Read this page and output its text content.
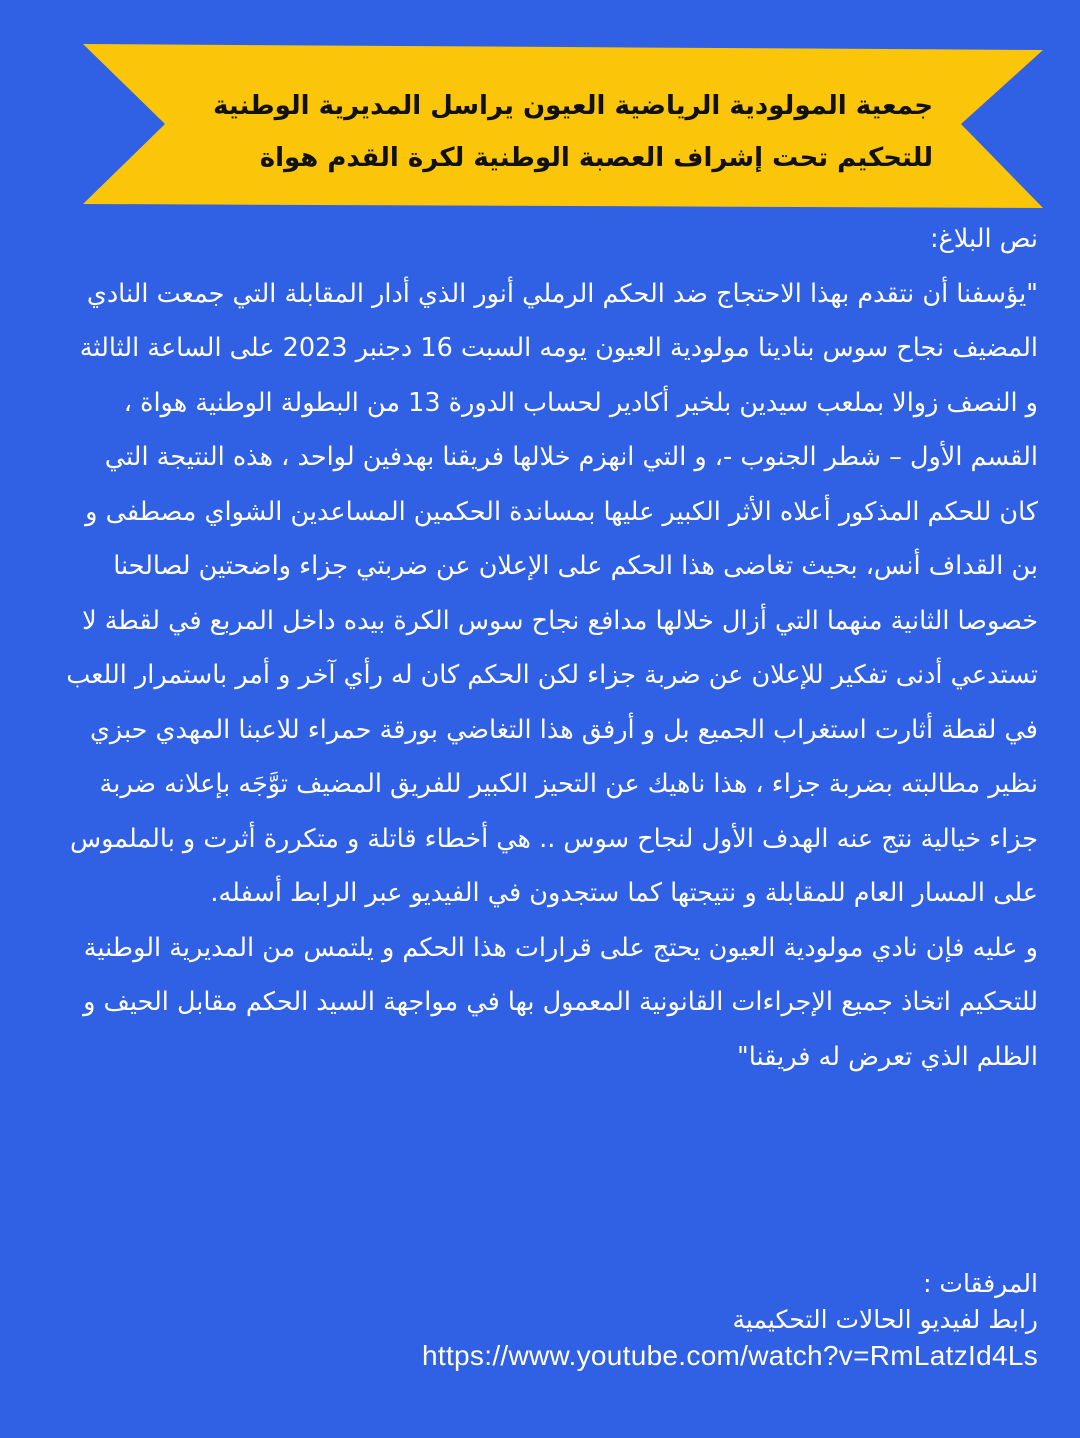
جمعية المولودية الرياضية العيون يراسل المديرية الوطنية للتحكيم تحت إشراف العصبة الوطنية لكرة القدم هواة

نص البلاغ:

"يؤسفنا أن نتقدم بهذا الاحتجاج ضد الحكم الرملي أنور الذي أدار المقابلة التي جمعت النادي المضيف نجاح سوس بنادينا مولودية العيون يومه السبت 16 دجنبر 2023 على الساعة الثالثة و النصف زوالا بملعب سيدين بلخير أكادير لحساب الدورة 13 من البطولة الوطنية هواة ، القسم الأول – شطر الجنوب -، و التي انهزم خلالها فريقنا بهدفين لواحد ، هذه النتيجة التي كان للحكم المذكور أعلاه الأثر الكبير عليها بمساندة الحكمين المساعدين الشواي مصطفى و بن القداف أنس، بحيث تغاضى هذا الحكم على الإعلان عن ضربتي جزاء واضحتين لصالحنا خصوصا الثانية منهما التي أزال خلالها مدافع نجاح سوس الكرة بيده داخل المربع في لقطة لا تستدعي أدنى تفكير للإعلان عن ضربة جزاء لكن الحكم كان له رأي آخر و أمر باستمرار اللعب في لقطة أثارت استغراب الجميع بل و أرفق هذا التغاضي بورقة حمراء للاعبنا المهدي حبزي نظير مطالبته بضربة جزاء ، هذا ناهيك عن التحيز الكبير للفريق المضيف توَّجَه بإعلانه ضربة جزاء خيالية نتج عنه الهدف الأول لنجاح سوس .. هي أخطاء قاتلة و متكررة أثرت و بالملموس على المسار العام للمقابلة و نتيجتها كما ستجدون في الفيديو عبر الرابط أسفله.

و عليه فإن نادي مولودية العيون يحتج على قرارات هذا الحكم و يلتمس من المديرية الوطنية للتحكيم اتخاذ جميع الإجراءات القانونية المعمول بها في مواجهة السيد الحكم مقابل الحيف و الظلم الذي تعرض له فريقنا"

المرفقات :
رابط لفيديو الحالات التحكيمية
https://www.youtube.com/watch?v=RmLatzId4Ls
